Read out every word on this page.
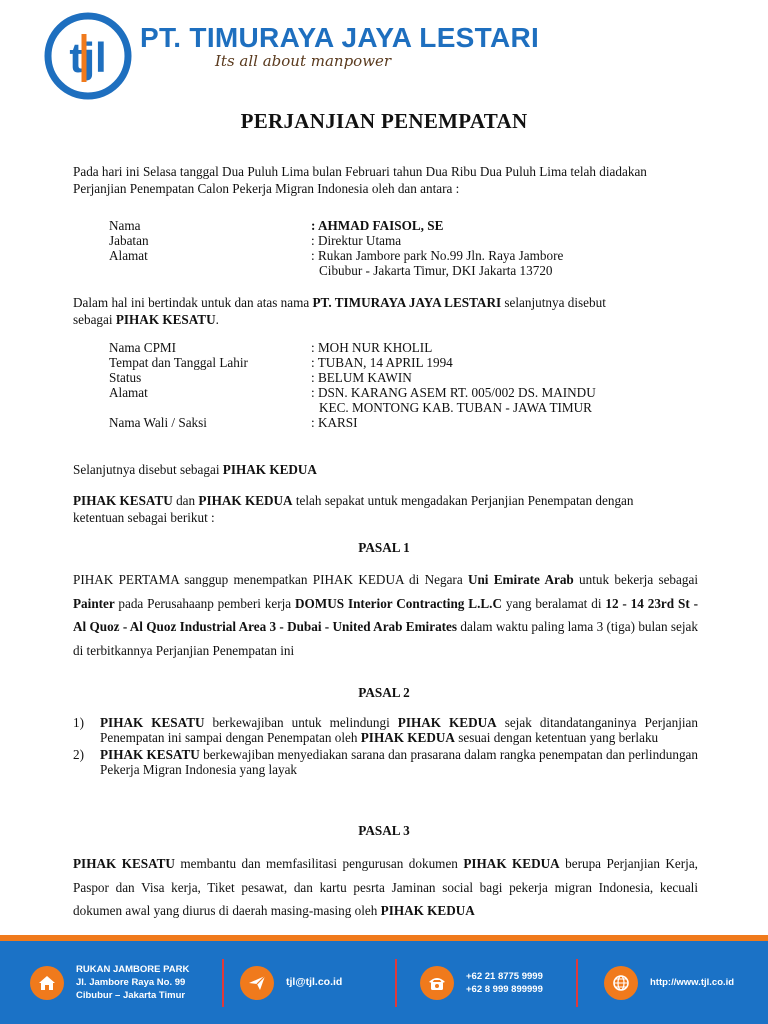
tjl PT. TIMURAYA JAYA LESTARI
Its all about manpower
PERJANJIAN PENEMPATAN
Pada hari ini Selasa tanggal Dua Puluh Lima bulan Februari tahun Dua Ribu Dua Puluh Lima telah diadakan
Perjanjian Penempatan Calon Pekerja Migran Indonesia oleh dan antara :
Nama	: AHMAD FAISOL, SE
Jabatan	: Direktur Utama
Alamat	: Rukan Jambore park No.99 Jln. Raya Jambore
Cibubur - Jakarta Timur, DKI Jakarta 13720
Dalam hal ini bertindak untuk dan atas nama PT. TIMURAYA JAYA LESTARI selanjutnya disebut
sebagai PIHAK KESATU.
Nama CPMI	: MOH NUR KHOLIL
Tempat dan Tanggal Lahir	: TUBAN, 14 APRIL 1994
Status	: BELUM KAWIN
Alamat	: DSN. KARANG ASEM RT. 005/002 DS. MAINDU
KEC. MONTONG KAB. TUBAN - JAWA TIMUR
Nama Wali / Saksi	: KARSI
Selanjutnya disebut sebagai PIHAK KEDUA
PIHAK KESATU dan PIHAK KEDUA telah sepakat untuk mengadakan Perjanjian Penempatan dengan
ketentuan sebagai berikut :
PASAL 1
PIHAK PERTAMA sanggup menempatkan PIHAK KEDUA di Negara Uni Emirate Arab untuk bekerja sebagai Painter pada Perusahaanp pemberi kerja DOMUS Interior Contracting L.L.C yang beralamat di 12 - 14 23rd St - Al Quoz - Al Quoz Industrial Area 3 - Dubai - United Arab Emirates dalam waktu paling lama 3 (tiga) bulan sejak di terbitkannya Perjanjian Penempatan ini
PASAL 2
1)	PIHAK KESATU berkewajiban untuk melindungi PIHAK KEDUA sejak ditandatanganinya Perjanjian Penempatan ini sampai dengan Penempatan oleh PIHAK KEDUA sesuai dengan ketentuan yang berlaku
2)	PIHAK KESATU berkewajiban menyediakan sarana dan prasarana dalam rangka penempatan dan perlindungan Pekerja Migran Indonesia yang layak
PASAL 3
PIHAK KESATU membantu dan memfasilitasi pengurusan dokumen PIHAK KEDUA berupa Perjanjian Kerja, Paspor dan Visa kerja, Tiket pesawat, dan kartu pesrta Jaminan social bagi pekerja migran Indonesia, kecuali dokumen awal yang diurus di daerah masing-masing oleh PIHAK KEDUA
RUKAN JAMBORE PARK
Jl. Jambore Raya No. 99
Cibubur – Jakarta Timur
tjl@tjl.co.id	+62 21 8775 9999
+62 8 999 899999
http://www.tjl.co.id
